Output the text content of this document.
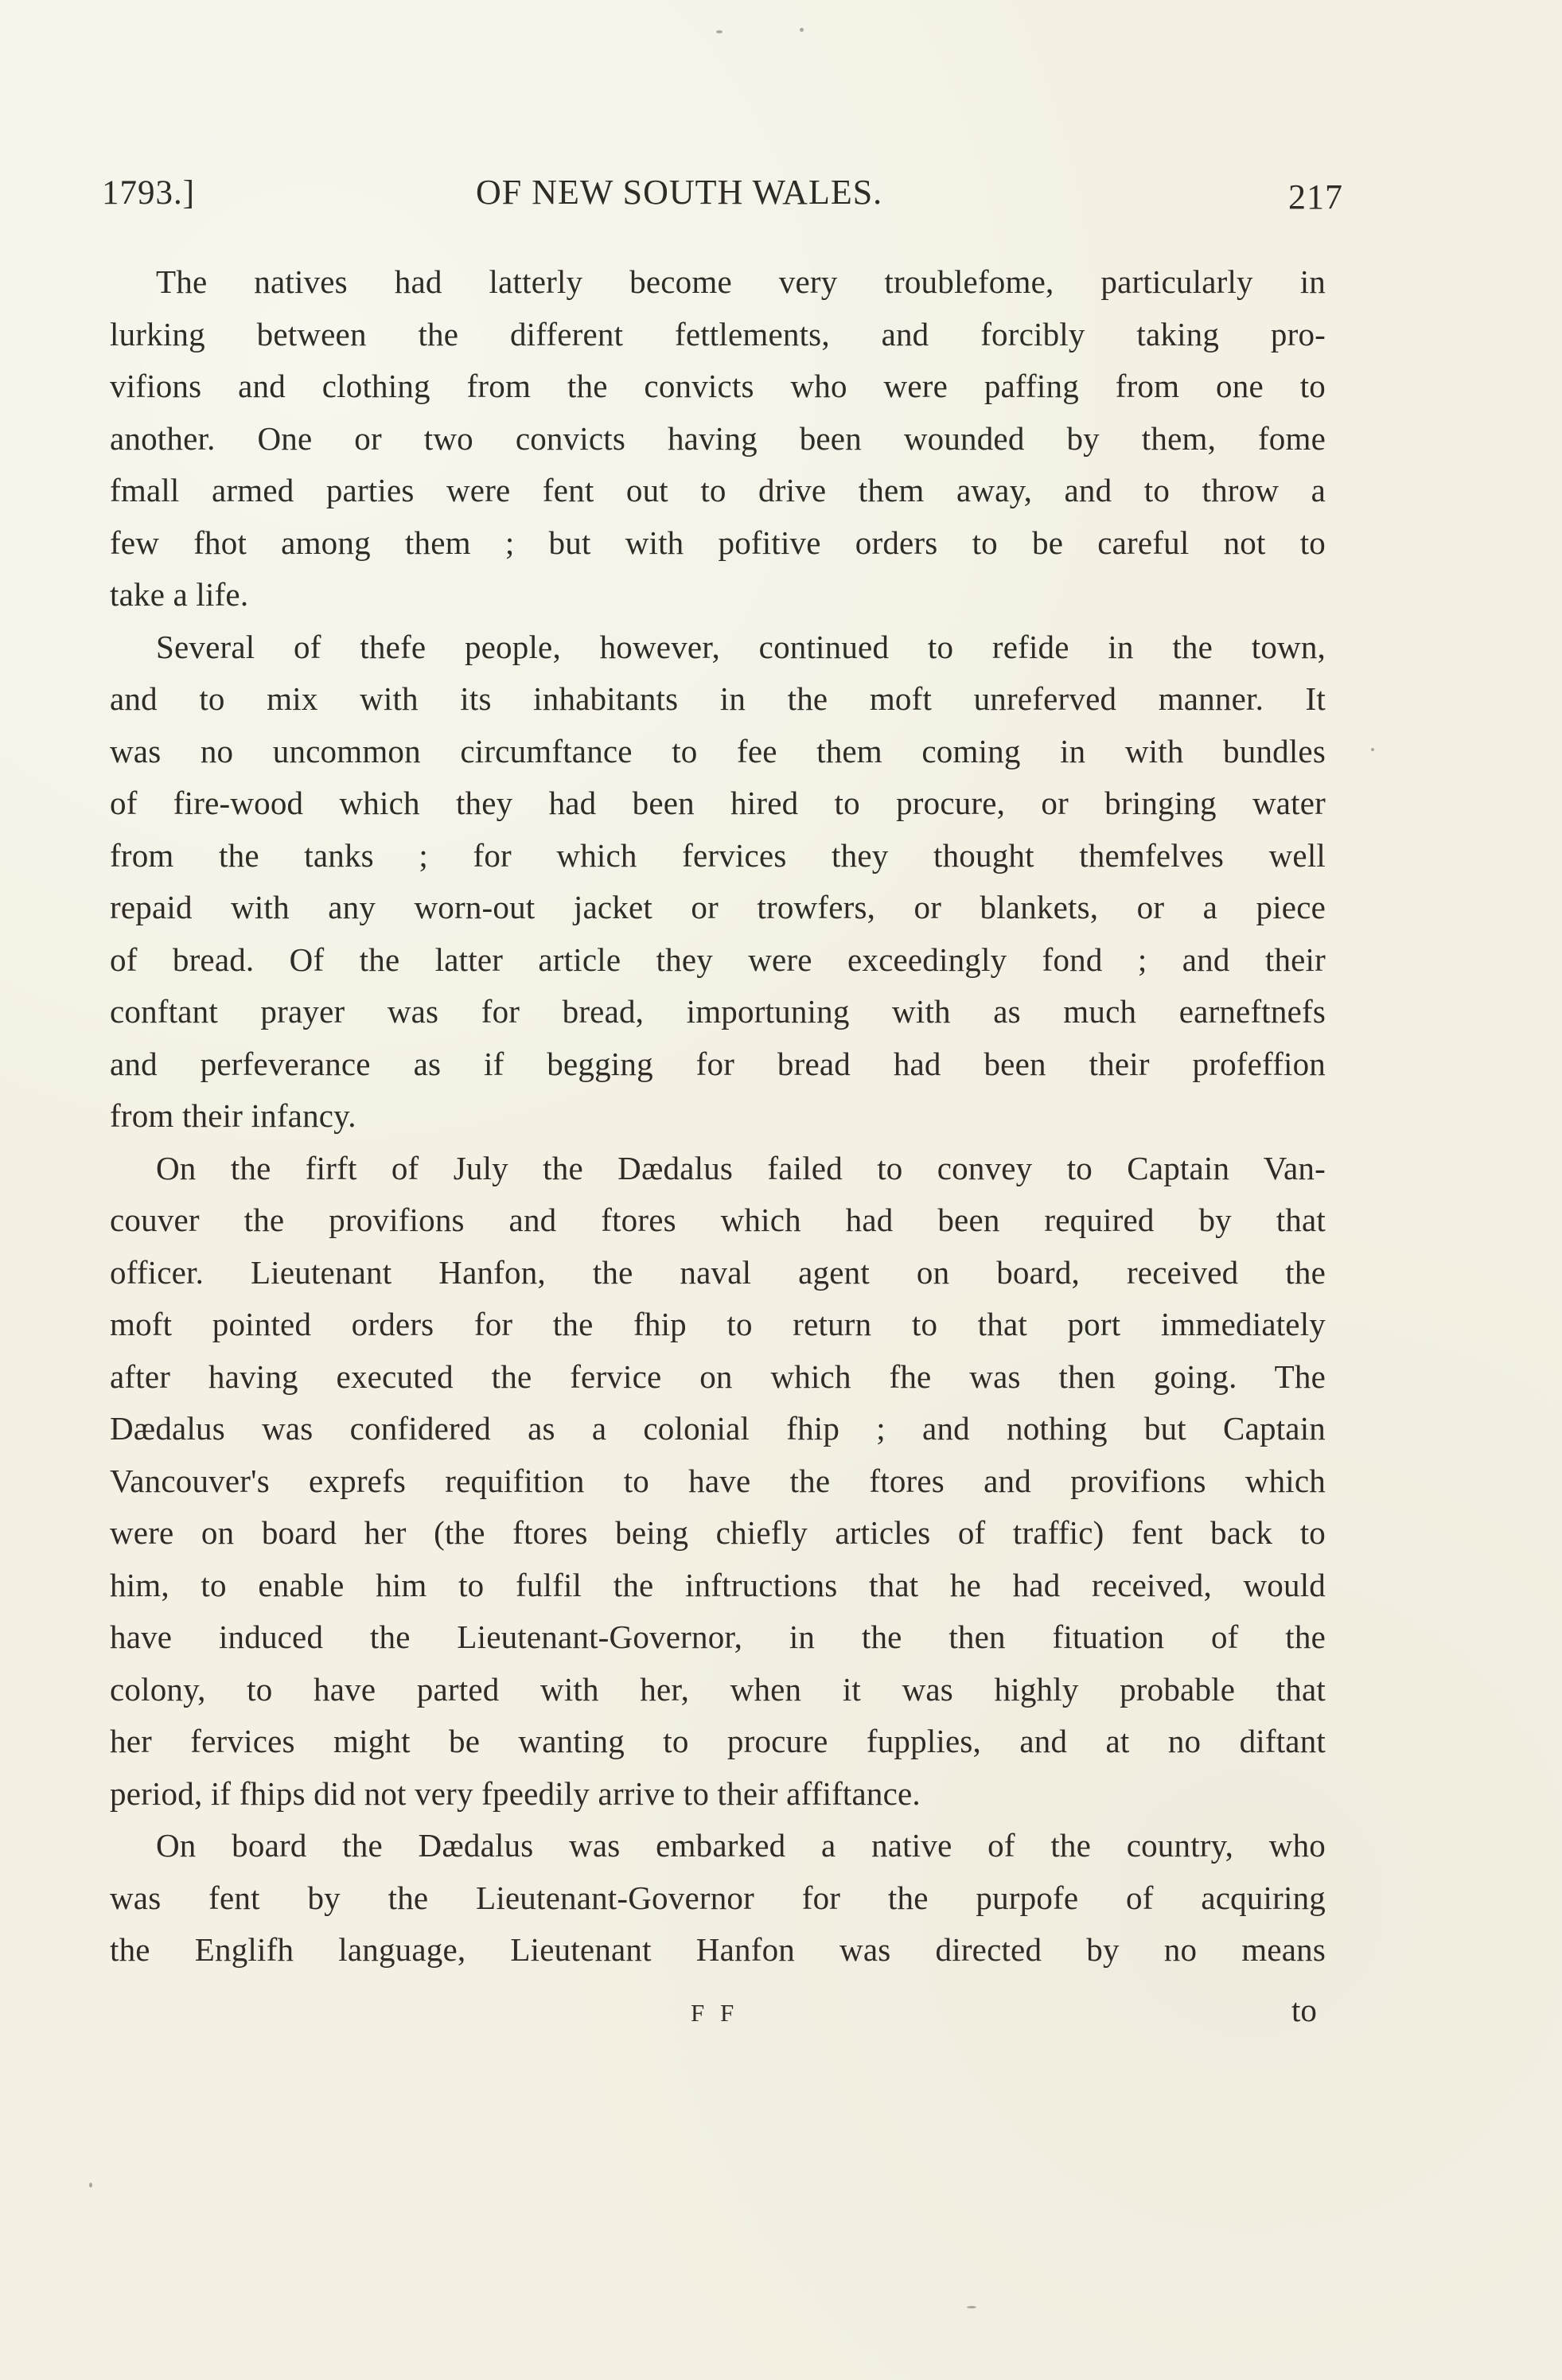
1793.]	OF NEW SOUTH WALES.	217
The natives had latterly become very troublefome, particularly in
lurking between the different fettlements, and forcibly taking pro-
vifions and clothing from the convicts who were paffing from one to
another. One or two convicts having been wounded by them, fome
fmall armed parties were fent out to drive them away, and to throw a
few fhot among them ; but with pofitive orders to be careful not to
take a life.
Several of thefe people, however, continued to refide in the town,
and to mix with its inhabitants in the moft unreferved manner. It
was no uncommon circumftance to fee them coming in with bundles
of fire-wood which they had been hired to procure, or bringing water
from the tanks ; for which fervices they thought themfelves well
repaid with any worn-out jacket or trowfers, or blankets, or a piece
of bread. Of the latter article they were exceedingly fond ; and their
conftant prayer was for bread, importuning with as much earneftnefs
and perfeverance as if begging for bread had been their profeffion
from their infancy.
On the firft of July the Dædalus failed to convey to Captain Van-
couver the provifions and ftores which had been required by that
officer. Lieutenant Hanfon, the naval agent on board, received the
moft pointed orders for the fhip to return to that port immediately
after having executed the fervice on which fhe was then going. The
Dædalus was confidered as a colonial fhip ; and nothing but Captain
Vancouver's exprefs requifition to have the ftores and provifions which
were on board her (the ftores being chiefly articles of traffic) fent back to
him, to enable him to fulfil the inftructions that he had received, would
have induced the Lieutenant-Governor, in the then fituation of the
colony, to have parted with her, when it was highly probable that
her fervices might be wanting to procure fupplies, and at no diftant
period, if fhips did not very fpeedily arrive to their affiftance.
On board the Dædalus was embarked a native of the country, who
was fent by the Lieutenant-Governor for the purpofe of acquiring
the Englifh language, Lieutenant Hanfon was directed by no means
F F	to
